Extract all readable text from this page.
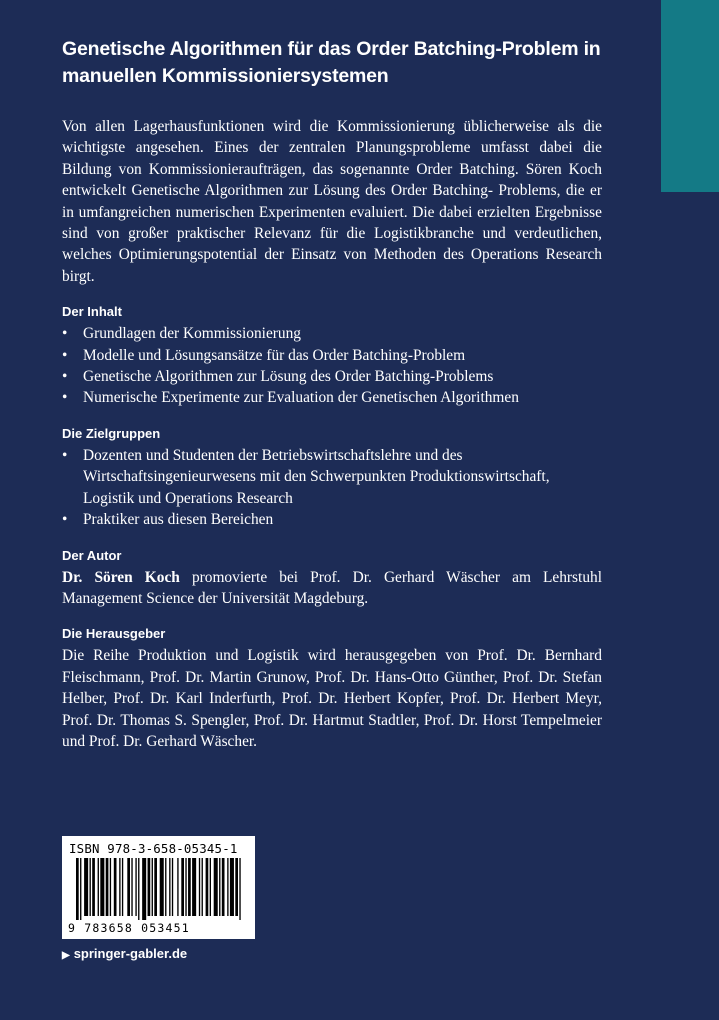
Genetische Algorithmen für das Order Batching-Problem in manuellen Kommissioniersystemen

Von allen Lagerhausfunktionen wird die Kommissionierung üblicherweise als die wichtigste angesehen. Eines der zentralen Planungsprobleme umfasst dabei die Bildung von Kommissionieraufträgen, das sogenannte Order Batching. Sören Koch entwickelt Genetische Algorithmen zur Lösung des Order Batching- Problems, die er in umfangreichen numerischen Experimenten evaluiert. Die dabei erzielten Ergebnisse sind von großer praktischer Relevanz für die Logistikbranche und verdeutlichen, welches Optimierungspotential der Einsatz von Methoden des Operations Research birgt.

Der Inhalt
• Grundlagen der Kommissionierung
• Modelle und Lösungsansätze für das Order Batching-Problem
• Genetische Algorithmen zur Lösung des Order Batching-Problems
• Numerische Experimente zur Evaluation der Genetischen Algorithmen
Die Zielgruppen
• Dozenten und Studenten der Betriebswirtschaftslehre und des Wirtschaftsingenieurwesens mit den Schwerpunkten Produktionswirtschaft, Logistik und Operations Research
• Praktiker aus diesen Bereichen
Der Autor

Dr. Sören Koch promovierte bei Prof. Dr. Gerhard Wäscher am Lehrstuhl Management Science der Universität Magdeburg.

Die Herausgeber

Die Reihe Produktion und Logistik wird herausgegeben von Prof. Dr. Bernhard Fleischmann, Prof. Dr. Martin Grunow, Prof. Dr. Hans-Otto Günther, Prof. Dr. Stefan Helber, Prof. Dr. Karl Inderfurth, Prof. Dr. Herbert Kopfer, Prof. Dr. Herbert Meyr, Prof. Dr. Thomas S. Spengler, Prof. Dr. Hartmut Stadtler, Prof. Dr. Horst Tempelmeier und Prof. Dr. Gerhard Wäscher.

ISBN 978-3-658-05345-1
9 783658 053451
▶ springer-gabler.de
